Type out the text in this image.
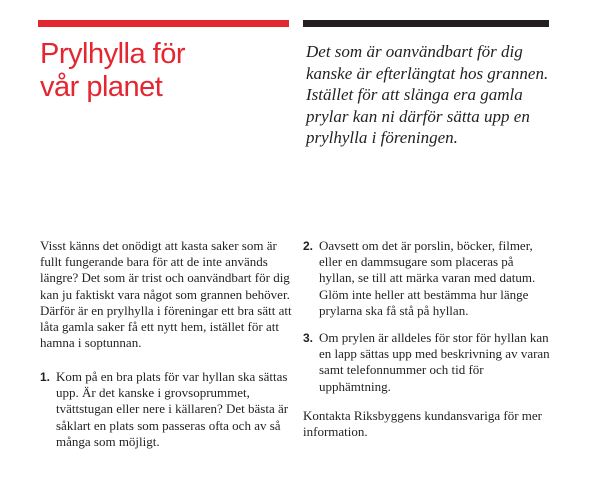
Prylhylla för
vår planet

Det som är oanvändbart för dig kanske är efterlängtat hos grannen. Istället för att slänga era gamla prylar kan ni därför sätta upp en prylhylla i föreningen.

Visst känns det onödigt att kasta saker som är fullt fungerande bara för att de inte används längre? Det som är trist och oanvändbart för dig kan ju faktiskt vara något som grannen behöver. Därför är en prylhylla i föreningar ett bra sätt att låta gamla saker få ett nytt hem, istället för att hamna i soptunnan.

1. Kom på en bra plats för var hyllan ska sättas upp. Är det kanske i grovsoprummet, tvättstugan eller nere i källaren? Det bästa är såklart en plats som passeras ofta och av så många som möjligt.
2. Oavsett om det är porslin, böcker, filmer, eller en dammsugare som placeras på hyllan, se till att märka varan med datum. Glöm inte heller att bestämma hur länge prylarna ska få stå på hyllan.
3. Om prylen är alldeles för stor för hyllan kan en lapp sättas upp med beskrivning av varan samt telefonnummer och tid för upphämtning.

Kontakta Riksbyggens kundansvariga för mer information.
